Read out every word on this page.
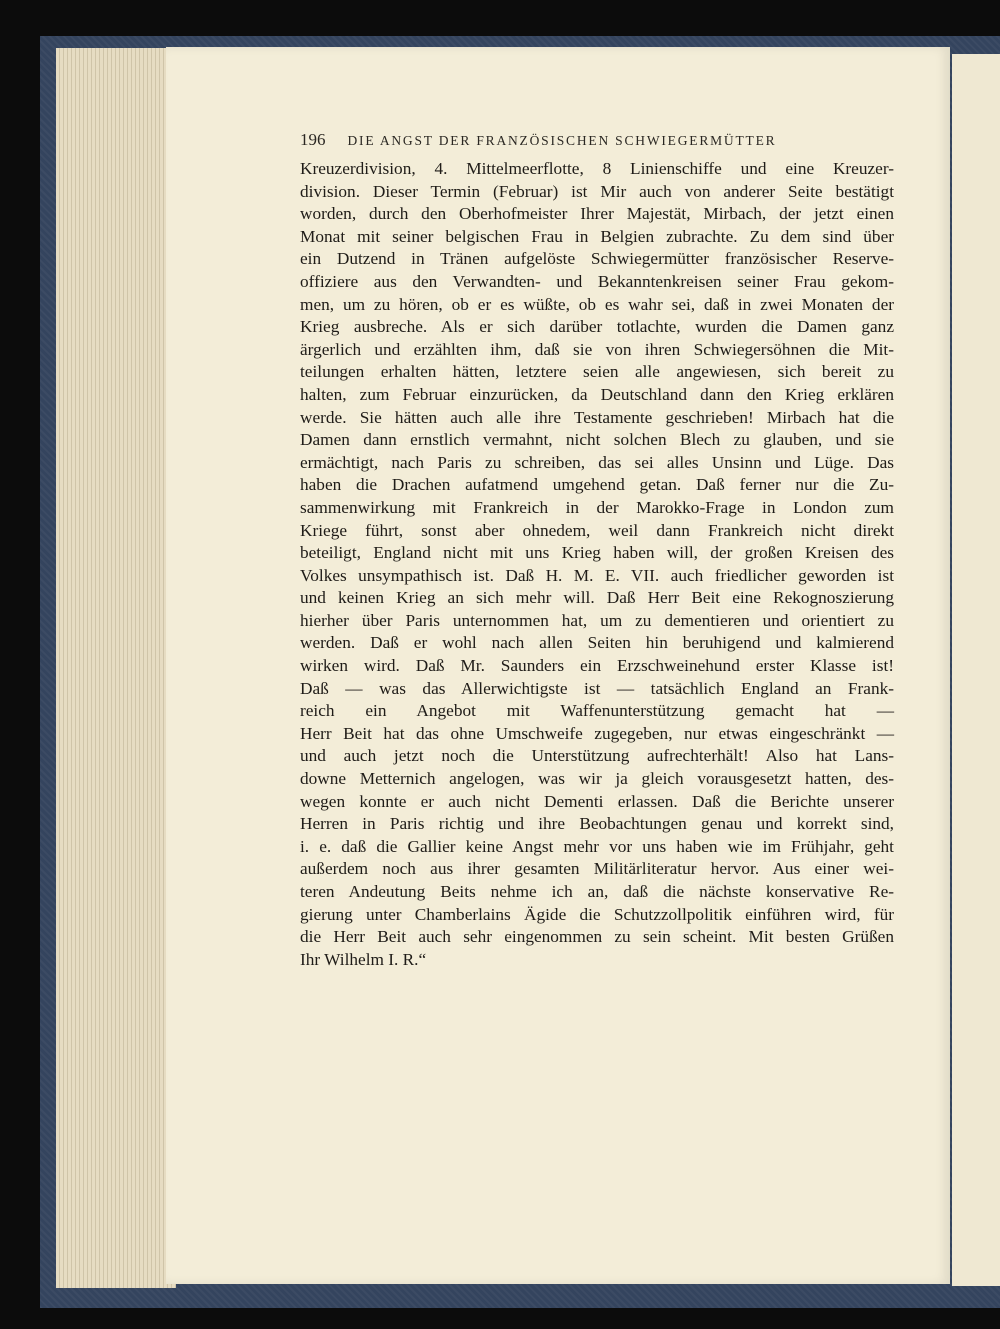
196 DIE ANGST DER FRANZÖSISCHEN SCHWIEGERMÜTTER
Kreuzerdivision, 4. Mittelmeerflotte, 8 Linienschiffe und eine Kreuzer-
division. Dieser Termin (Februar) ist Mir auch von anderer Seite bestätigt
worden, durch den Oberhofmeister Ihrer Majestät, Mirbach, der jetzt einen
Monat mit seiner belgischen Frau in Belgien zubrachte. Zu dem sind über
ein Dutzend in Tränen aufgelöste Schwiegermütter französischer Reserve-
offiziere aus den Verwandten- und Bekanntenkreisen seiner Frau gekom-
men, um zu hören, ob er es wüßte, ob es wahr sei, daß in zwei Monaten der
Krieg ausbreche. Als er sich darüber totlachte, wurden die Damen ganz
ärgerlich und erzählten ihm, daß sie von ihren Schwiegersöhnen die Mit-
teilungen erhalten hätten, letztere seien alle angewiesen, sich bereit zu
halten, zum Februar einzurücken, da Deutschland dann den Krieg erklären
werde. Sie hätten auch alle ihre Testamente geschrieben! Mirbach hat die
Damen dann ernstlich vermahnt, nicht solchen Blech zu glauben, und sie
ermächtigt, nach Paris zu schreiben, das sei alles Unsinn und Lüge. Das
haben die Drachen aufatmend umgehend getan. Daß ferner nur die Zu-
sammenwirkung mit Frankreich in der Marokko-Frage in London zum
Kriege führt, sonst aber ohnedem, weil dann Frankreich nicht direkt
beteiligt, England nicht mit uns Krieg haben will, der großen Kreisen des
Volkes unsympathisch ist. Daß H. M. E. VII. auch friedlicher geworden ist
und keinen Krieg an sich mehr will. Daß Herr Beit eine Rekognoszierung
hierher über Paris unternommen hat, um zu dementieren und orientiert zu
werden. Daß er wohl nach allen Seiten hin beruhigend und kalmierend
wirken wird. Daß Mr. Saunders ein Erzschweinehund erster Klasse ist!
Daß — was das Allerwichtigste ist — tatsächlich England an Frank-
reich ein Angebot mit Waffenunterstützung gemacht hat —
Herr Beit hat das ohne Umschweife zugegeben, nur etwas eingeschränkt —
und auch jetzt noch die Unterstützung aufrechterhält! Also hat Lans-
downe Metternich angelogen, was wir ja gleich vorausgesetzt hatten, des-
wegen konnte er auch nicht Dementi erlassen. Daß die Berichte unserer
Herren in Paris richtig und ihre Beobachtungen genau und korrekt sind,
i. e. daß die Gallier keine Angst mehr vor uns haben wie im Frühjahr, geht
außerdem noch aus ihrer gesamten Militärliteratur hervor. Aus einer wei-
teren Andeutung Beits nehme ich an, daß die nächste konservative Re-
gierung unter Chamberlains Ägide die Schutzzollpolitik einführen wird, für
die Herr Beit auch sehr eingenommen zu sein scheint. Mit besten Grüßen
Ihr Wilhelm I. R.“
